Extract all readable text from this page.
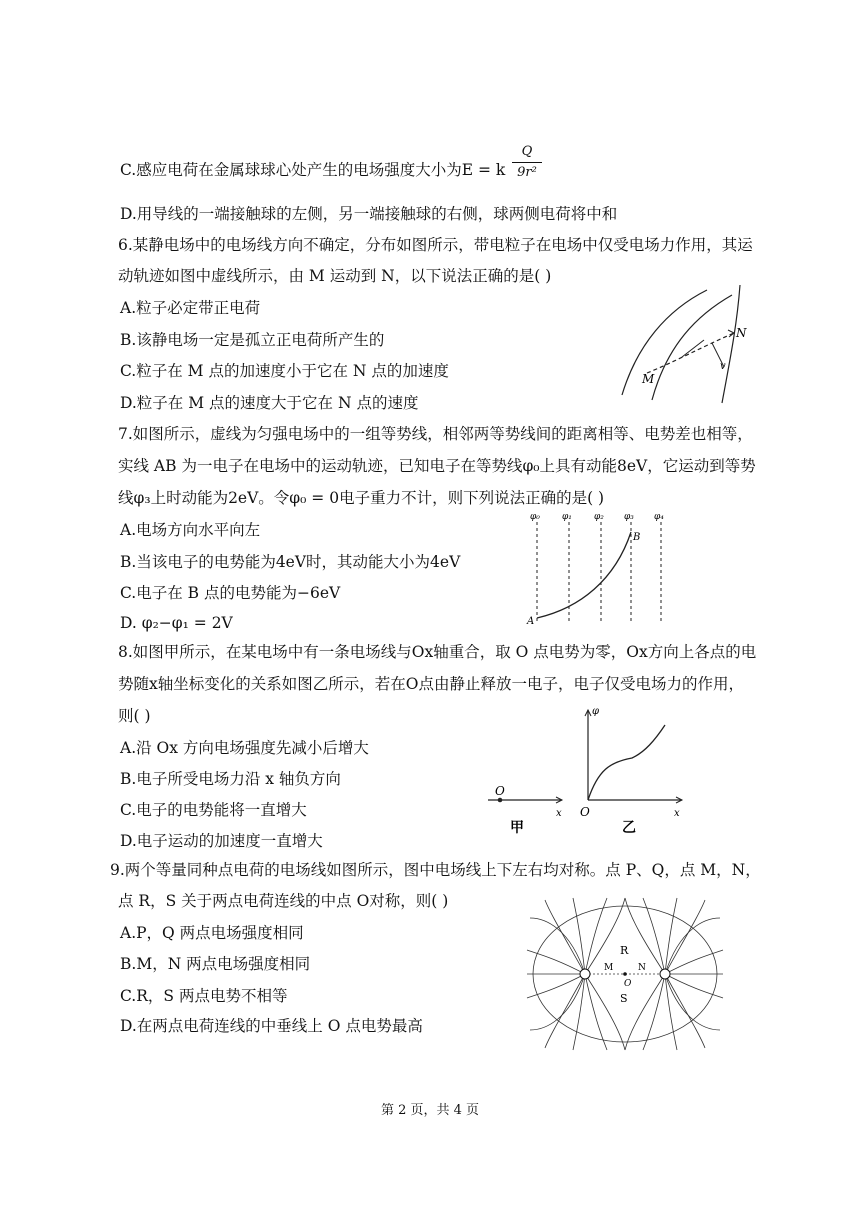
C.感应电荷在金属球球心处产生的电场强度大小为E = k
Q
9r²
D.用导线的一端接触球的左侧，另一端接触球的右侧，球两侧电荷将中和
6.某静电场中的电场线方向不确定，分布如图所示，带电粒子在电场中仅受电场力作用，其运
动轨迹如图中虚线所示，由 M 运动到 N，以下说法正确的是( )
A.粒子必定带正电荷
B.该静电场一定是孤立正电荷所产生的
C.粒子在 M 点的加速度小于它在 N 点的加速度
D.粒子在 M 点的速度大于它在 N 点的速度
M
N
v
7.如图所示，虚线为匀强电场中的一组等势线，相邻两等势线间的距离相等、电势差也相等，
实线 AB 为一电子在电场中的运动轨迹，已知电子在等势线φ₀上具有动能8eV，它运动到等势
线φ₃上时动能为2eV。令φ₀ = 0电子重力不计，则下列说法正确的是( )
A.电场方向水平向左
B.当该电子的电势能为4eV时，其动能大小为4eV
C.电子在 B 点的电势能为−6eV
D. φ₂−φ₁ = 2V
φ₀ φ₁ φ₂ φ₃ φ₄
A
B
8.如图甲所示，在某电场中有一条电场线与Ox轴重合，取 O 点电势为零，Ox方向上各点的电
势随x轴坐标变化的关系如图乙所示，若在O点由静止释放一电子，电子仅受电场力的作用，
则( )
A.沿 Ox 方向电场强度先减小后增大
B.电子所受电场力沿 x 轴负方向
C.电子的电势能将一直增大
D.电子运动的加速度一直增大
O
x
甲
φ
O	x
乙
9.两个等量同种点电荷的电场线如图所示，图中电场线上下左右均对称。点 P、Q，点 M，N，
点 R，S 关于两点电荷连线的中点 O对称，则( )
A.P，Q 两点电场强度相同
B.M，N 两点电场强度相同
C.R，S 两点电势不相等
D.在两点电荷连线的中垂线上 O 点电势最高
R
S
M	N
O
第 2 页，共 4 页
